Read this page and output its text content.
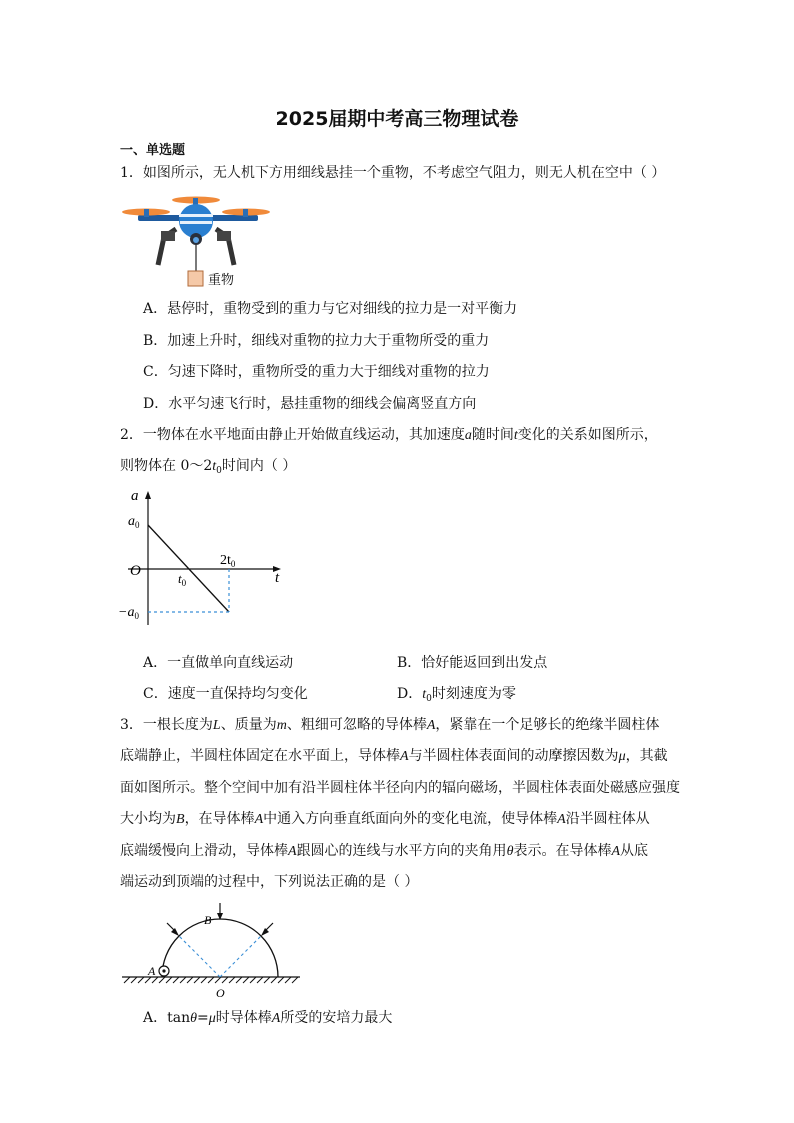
2025届期中考高三物理试卷
一、单选题
1．如图所示，无人机下方用细线悬挂一个重物，不考虑空气阻力，则无人机在空中（ ）
重物
A．悬停时，重物受到的重力与它对细线的拉力是一对平衡力
B．加速上升时，细线对重物的拉力大于重物所受的重力
C．匀速下降时，重物所受的重力大于细线对重物的拉力
D．水平匀速飞行时，悬挂重物的细线会偏离竖直方向
2．一物体在水平地面由静止开始做直线运动，其加速度a随时间t变化的关系如图所示，
则物体在 $0\sim 2t_0$时间内（ ）
a
t
$a_0$
O	$t_0$
$2t_0$
$-a_0$
A．一直做单向直线运动	B．恰好能返回到出发点
C．速度一直保持均匀变化	D．$t_0$时刻速度为零
3．一根长度为L、质量为m、粗细可忽略的导体棒A，紧靠在一个足够长的绝缘半圆柱体
底端静止，半圆柱体固定在水平面上，导体棒A与半圆柱体表面间的动摩擦因数为μ，其截
面如图所示。整个空间中加有沿半圆柱体半径向内的辐向磁场，半圆柱体表面处磁感应强度
大小均为B，在导体棒A中通入方向垂直纸面向外的变化电流，使导体棒A沿半圆柱体从
底端缓慢向上滑动，导体棒A跟圆心的连线与水平方向的夹角用θ表示。在导体棒A从底
端运动到顶端的过程中，下列说法正确的是（ ）
A
B
O
A．tanθ=μ时导体棒A所受的安培力最大
